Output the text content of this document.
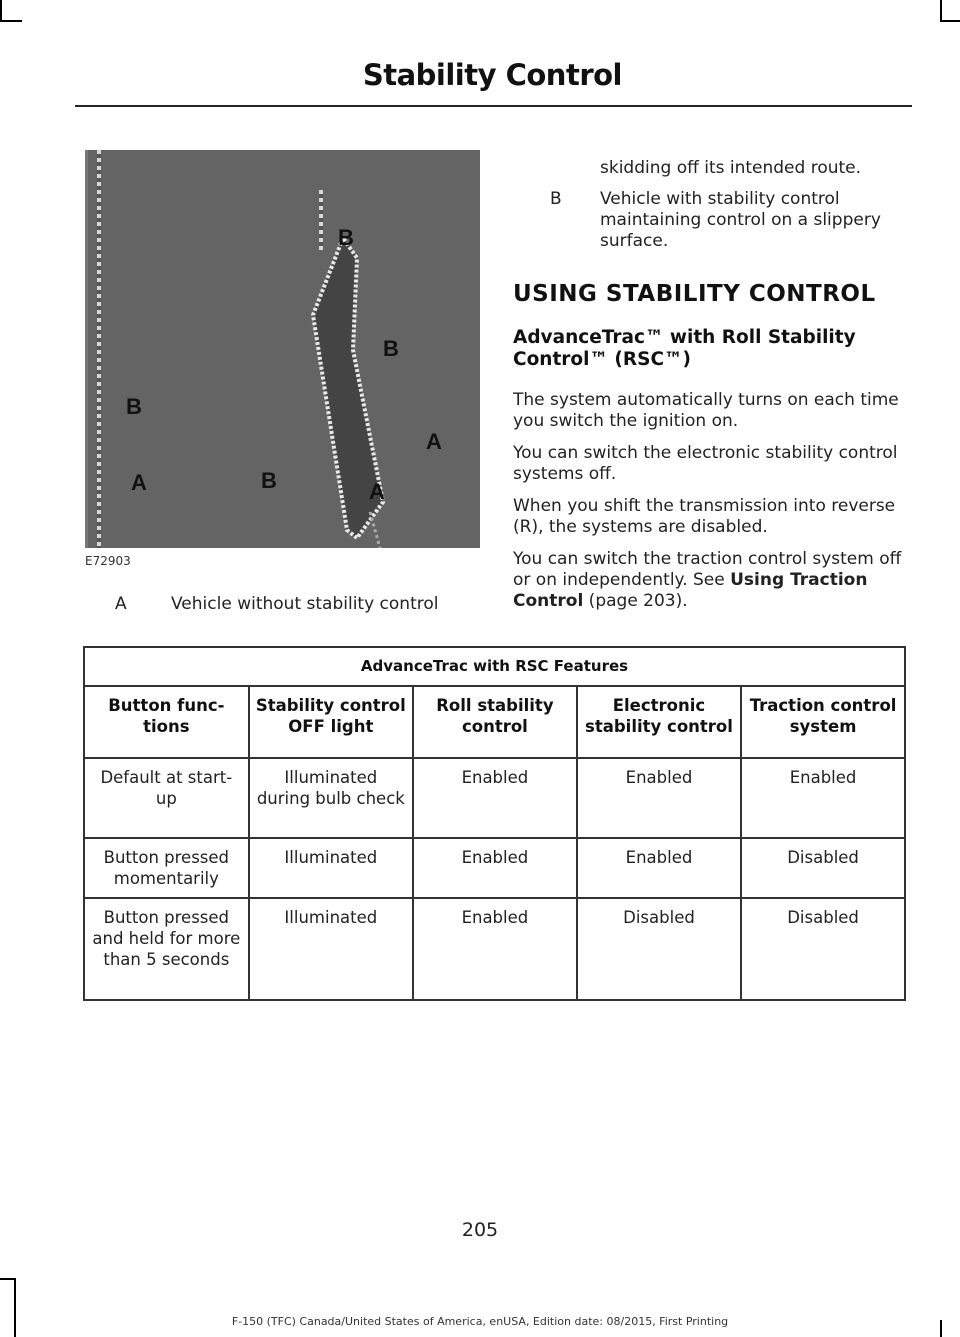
Stability Control
B
B
B
A
A	B	A
E72903
A	Vehicle without stability control
skidding off its intended route.
B Vehicle with stability control maintaining control on a slippery surface.
USING STABILITY CONTROL
AdvanceTrac™ with Roll Stability Control™ (RSC™)

The system automatically turns on each time you switch the ignition on.

You can switch the electronic stability control systems off.

When you shift the transmission into reverse (R), the systems are disabled.

You can switch the traction control system off or on independently. See Using Traction Control (page 203).

AdvanceTrac with RSC Features				
Button func-tions	Stability control OFF light	Roll stability control	Electronic stability control	Traction control system
Default at start-up	Illuminated during bulb check	Enabled	Enabled	Enabled
Button pressed momentarily	Illuminated	Enabled	Enabled	Disabled
Button pressed and held for more than 5 seconds	Illuminated	Enabled	Disabled	Disabled
205
F-150 (TFC) Canada/United States of America, enUSA, Edition date: 08/2015, First Printing
